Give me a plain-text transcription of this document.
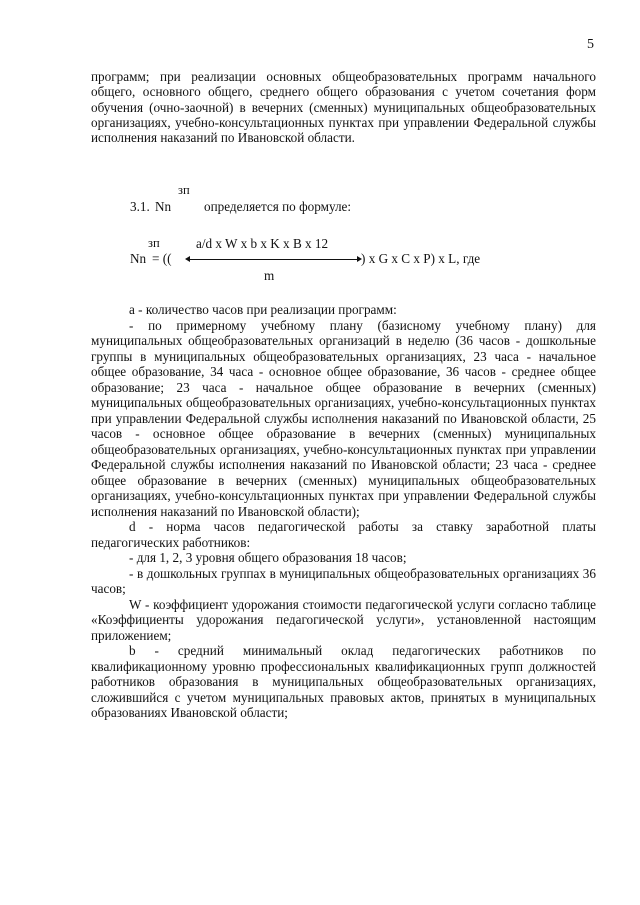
5

программ; при реализации основных общеобразовательных программ начального общего, основного общего, среднего общего образования с учетом сочетания форм обучения (очно-заочной) в вечерних (сменных) муниципальных общеобразовательных организациях, учебно-консультационных пунктах при управлении Федеральной службы исполнения наказаний по Ивановской области.

зп
3.1. Nn определяется по формуле:
зп	a/d x W x b x K x B x 12
Nn = ((	) x G x C x P) x L, где
m

а - количество часов при реализации программ:

- по примерному учебному плану (базисному учебному плану) для муниципальных общеобразовательных организаций в неделю (36 часов - дошкольные группы в муниципальных общеобразовательных организациях, 23 часа - начальное общее образование, 34 часа - основное общее образование, 36 часов - среднее общее образование; 23 часа - начальное общее образование в вечерних (сменных) муниципальных общеобразовательных организациях, учебно-консультационных пунктах при управлении Федеральной службы исполнения наказаний по Ивановской области, 25 часов - основное общее образование в вечерних (сменных) муниципальных общеобразовательных организациях, учебно-консультационных пунктах при управлении Федеральной службы исполнения наказаний по Ивановской области; 23 часа - среднее общее образование в вечерних (сменных) муниципальных общеобразовательных организациях, учебно-консультационных пунктах при управлении Федеральной службы исполнения наказаний по Ивановской области);

d - норма часов педагогической работы за ставку заработной платы педагогических работников:

- для 1, 2, 3 уровня общего образования 18 часов;

- в дошкольных группах в муниципальных общеобразовательных организациях 36 часов;

W - коэффициент удорожания стоимости педагогической услуги согласно таблице «Коэффициенты удорожания педагогической услуги», установленной настоящим приложением;

b - средний минимальный оклад педагогических работников по квалификационному уровню профессиональных квалификационных групп должностей работников образования в муниципальных общеобразовательных организациях, сложившийся с учетом муниципальных правовых актов, принятых в муниципальных образованиях Ивановской области;
